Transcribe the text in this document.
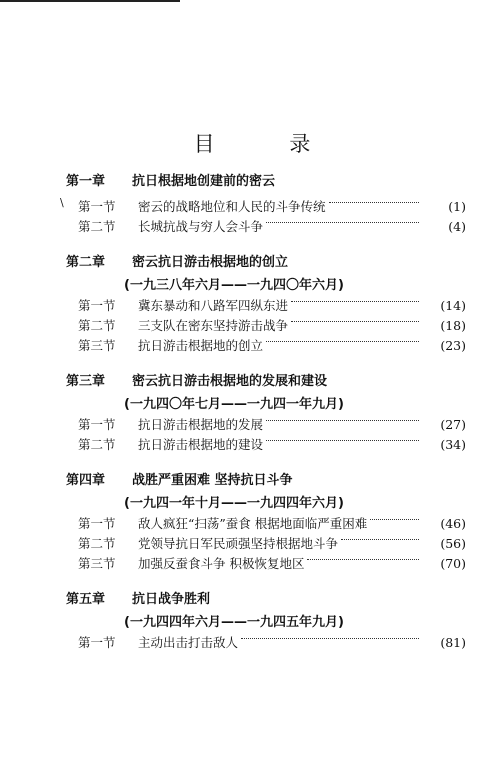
目 录
\
第一章	抗日根据地创建前的密云
第一节	密云的战略地位和人民的斗争传统	(1)
第二节	长城抗战与穷人会斗争	(4)
第二章	密云抗日游击根据地的创立
(一九三八年六月——一九四〇年六月)
第一节	冀东暴动和八路军四纵东进	(14)
第二节	三支队在密东坚持游击战争	(18)
第三节	抗日游击根据地的创立	(23)
第三章	密云抗日游击根据地的发展和建设
(一九四〇年七月——一九四一年九月)
第一节	抗日游击根据地的发展	(27)
第二节	抗日游击根据地的建设	(34)
第四章	战胜严重困难 坚持抗日斗争
(一九四一年十月——一九四四年六月)
第一节	敌人疯狂“扫荡”蚕食 根据地面临严重困难	(46)
第二节	党领导抗日军民顽强坚持根据地斗争	(56)
第三节	加强反蚕食斗争 积极恢复地区	(70)
第五章	抗日战争胜利
(一九四四年六月——一九四五年九月)
第一节	主动出击打击敌人	(81)
